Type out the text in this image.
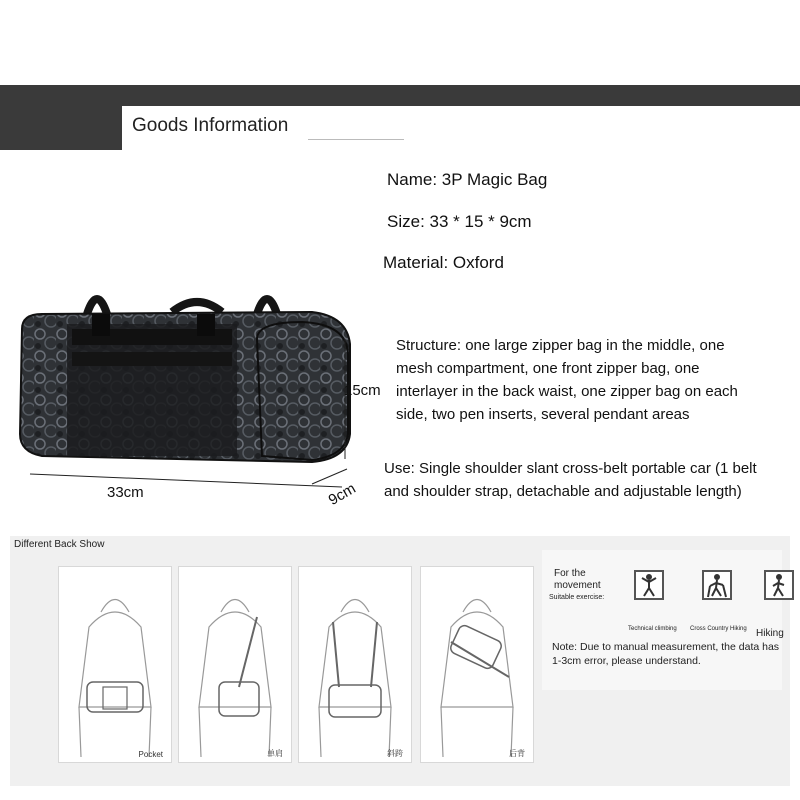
Goods Information
Name: 3P Magic Bag
Size: 33 * 15 * 9cm
Material: Oxford
Structure: one large zipper bag in the middle, one
mesh compartment, one front zipper bag, one
interlayer in the back waist, one zipper bag on each
side, two pen inserts, several pendant areas
Use: Single shoulder slant cross-belt portable car (1 belt
and shoulder strap, detachable and adjustable length)
15cm
33cm	9cm
Different Back Show
Pocket	单肩	斜跨	后背
For the
movement
Suitable exercise:
Technical climbing Cross Country Hiking Hiking
Note: Due to manual measurement, the data has 1-3cm error, please understand.
